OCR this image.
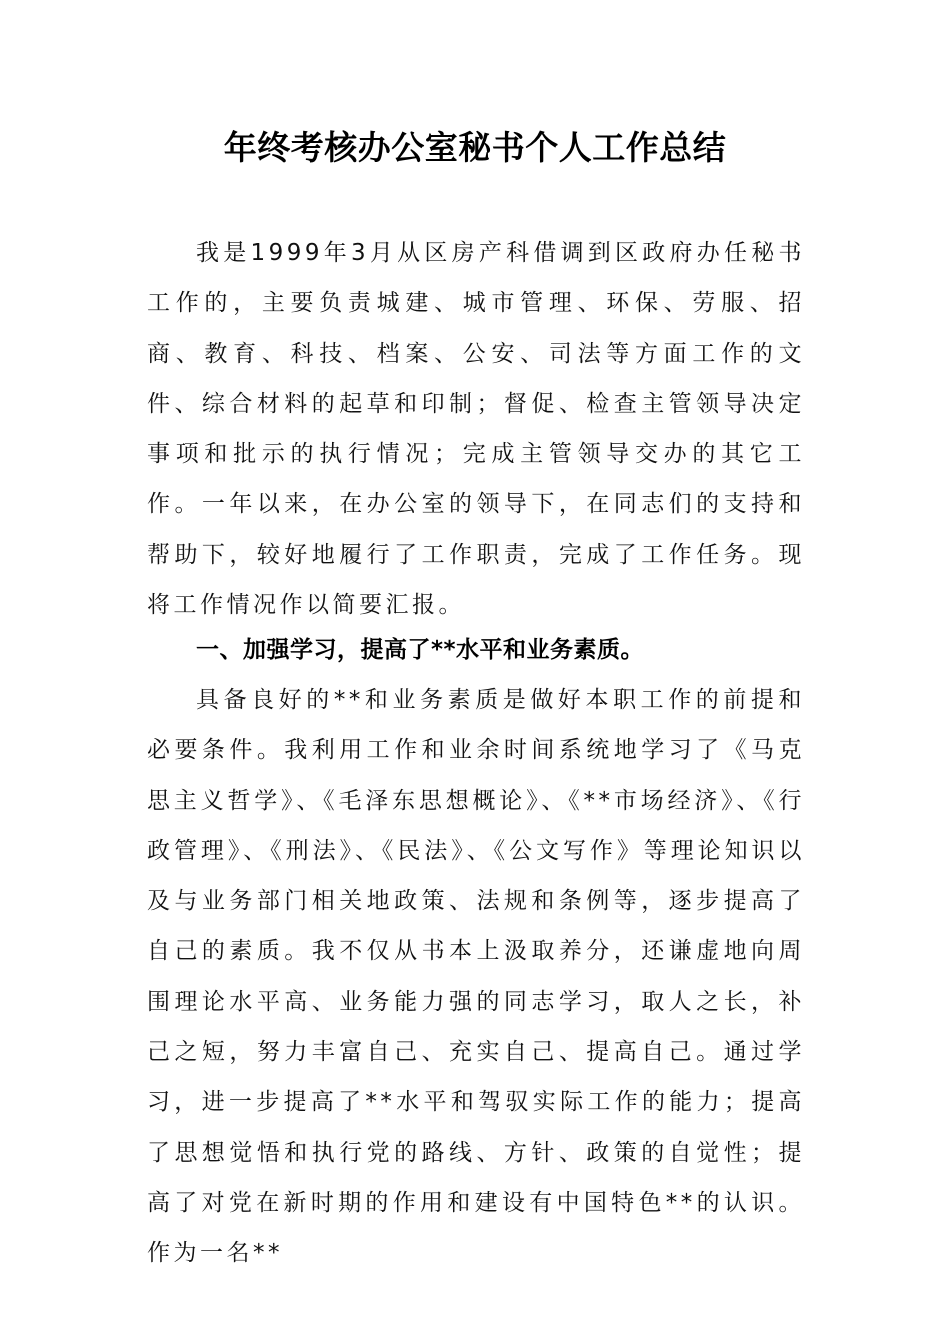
年终考核办公室秘书个人工作总结

我是1999年3月从区房产科借调到区政府办任秘书工作的，主要负责城建、城市管理、环保、劳服、招商、教育、科技、档案、公安、司法等方面工作的文件、综合材料的起草和印制；督促、检查主管领导决定事项和批示的执行情况；完成主管领导交办的其它工作。一年以来，在办公室的领导下，在同志们的支持和帮助下，较好地履行了工作职责，完成了工作任务。现将工作情况作以简要汇报。

一、加强学习，提高了**水平和业务素质。

具备良好的**和业务素质是做好本职工作的前提和必要条件。我利用工作和业余时间系统地学习了《马克思主义哲学》、《毛泽东思想概论》、《**市场经济》、《行政管理》、《刑法》、《民法》、《公文写作》等理论知识以及与业务部门相关地政策、法规和条例等，逐步提高了自己的素质。我不仅从书本上汲取养分，还谦虚地向周围理论水平高、业务能力强的同志学习，取人之长，补己之短，努力丰富自己、充实自己、提高自己。通过学习，进一步提高了**水平和驾驭实际工作的能力；提高了思想觉悟和执行党的路线、方针、政策的自觉性；提高了对党在新时期的作用和建设有中国特色**的认识。作为一名**
